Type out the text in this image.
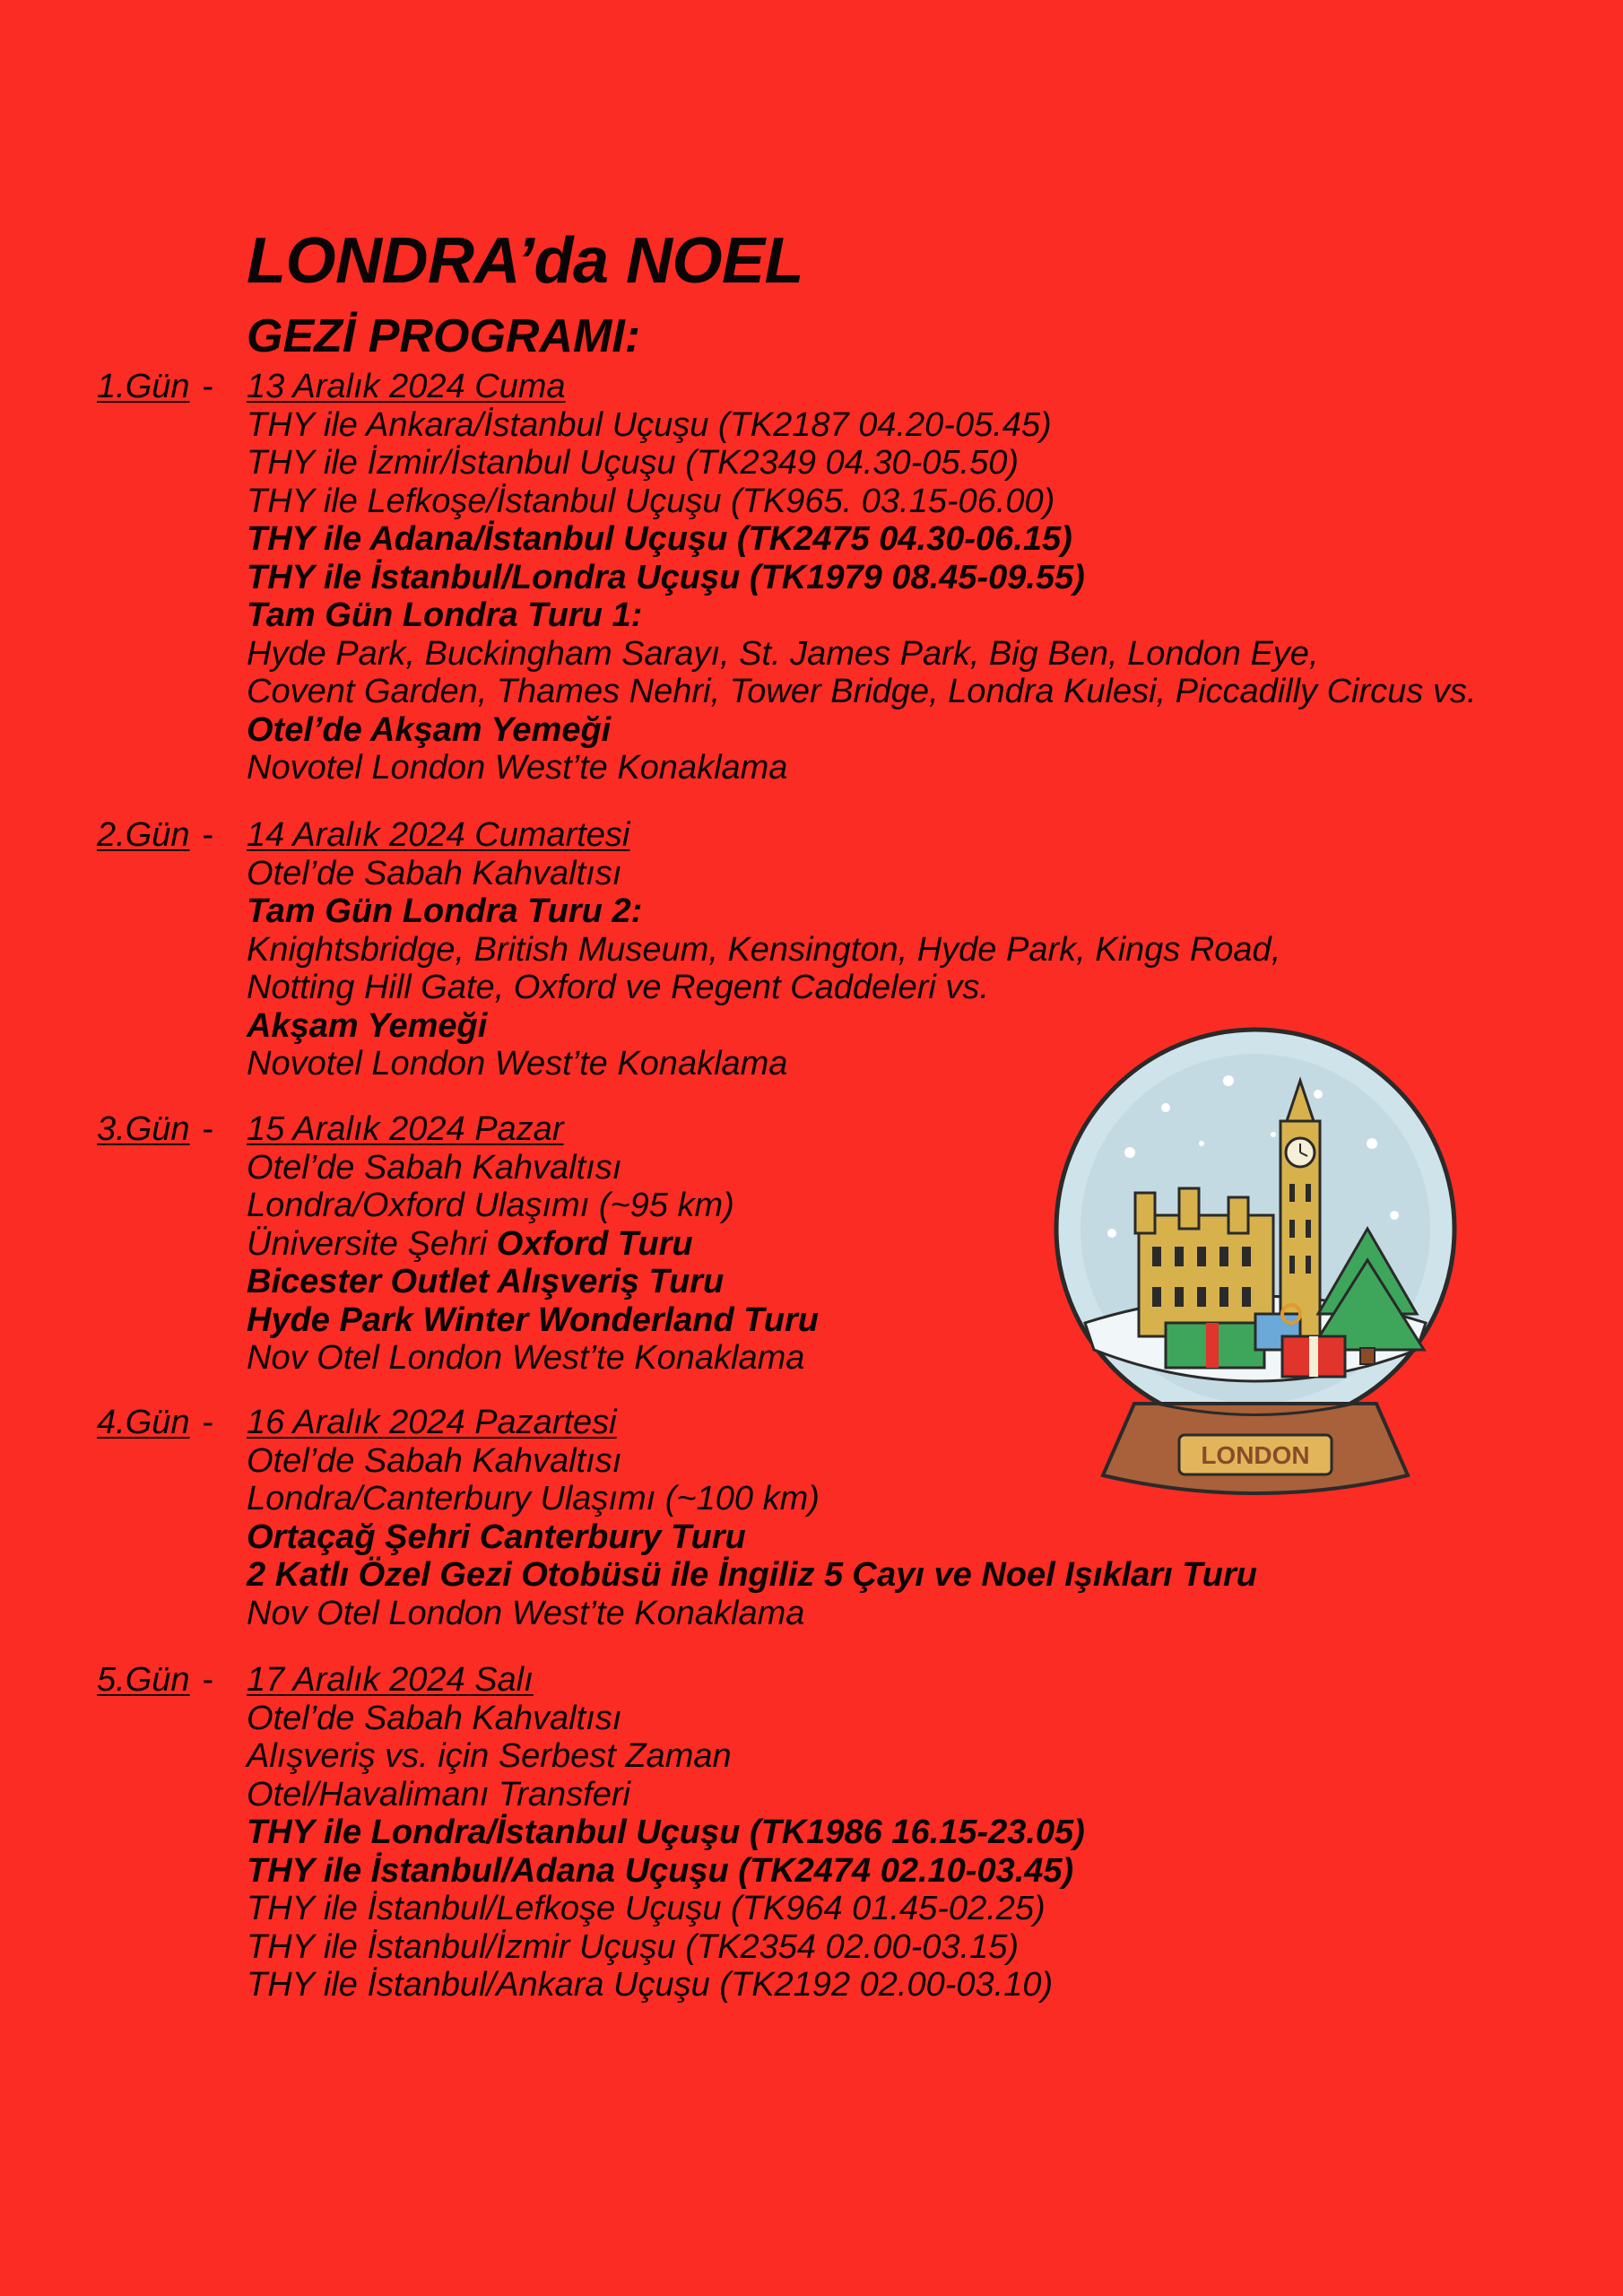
LONDRA’da NOEL
GEZİ PROGRAMI:
1.Gün - 13 Aralık 2024 Cuma
THY ile Ankara/İstanbul Uçuşu (TK2187 04.20-05.45)
THY ile İzmir/İstanbul Uçuşu (TK2349 04.30-05.50)
THY ile Lefkoşe/İstanbul Uçuşu (TK965. 03.15-06.00)
THY ile Adana/İstanbul Uçuşu (TK2475 04.30-06.15)
THY ile İstanbul/Londra Uçuşu (TK1979 08.45-09.55)
Tam Gün Londra Turu 1:
Hyde Park, Buckingham Sarayı, St. James Park, Big Ben, London Eye,
Covent Garden, Thames Nehri, Tower Bridge, Londra Kulesi, Piccadilly Circus vs.
Otel’de Akşam Yemeği
Novotel London West’te Konaklama
2.Gün - 14 Aralık 2024 Cumartesi
Otel’de Sabah Kahvaltısı
Tam Gün Londra Turu 2:
Knightsbridge, British Museum, Kensington, Hyde Park, Kings Road,
Notting Hill Gate, Oxford ve Regent Caddeleri vs.
Akşam Yemeği
Novotel London West’te Konaklama
3.Gün - 15 Aralık 2024 Pazar
Otel’de Sabah Kahvaltısı
Londra/Oxford Ulaşımı (~95 km)
Üniversite Şehri Oxford Turu
Bicester Outlet Alışveriş Turu
Hyde Park Winter Wonderland Turu
Nov Otel London West’te Konaklama
4.Gün - 16 Aralık 2024 Pazartesi
Otel’de Sabah Kahvaltısı
Londra/Canterbury Ulaşımı (~100 km)
Ortaçağ Şehri Canterbury Turu
2 Katlı Özel Gezi Otobüsü ile İngiliz 5 Çayı ve Noel Işıkları Turu
Nov Otel London West’te Konaklama
5.Gün - 17 Aralık 2024 Salı
Otel’de Sabah Kahvaltısı
Alışveriş vs. için Serbest Zaman
Otel/Havalimanı Transferi
THY ile Londra/İstanbul Uçuşu (TK1986 16.15-23.05)
THY ile İstanbul/Adana Uçuşu (TK2474 02.10-03.45)
THY ile İstanbul/Lefkoşe Uçuşu (TK964 01.45-02.25)
THY ile İstanbul/İzmir Uçuşu (TK2354 02.00-03.15)
THY ile İstanbul/Ankara Uçuşu (TK2192 02.00-03.10)
LONDON
